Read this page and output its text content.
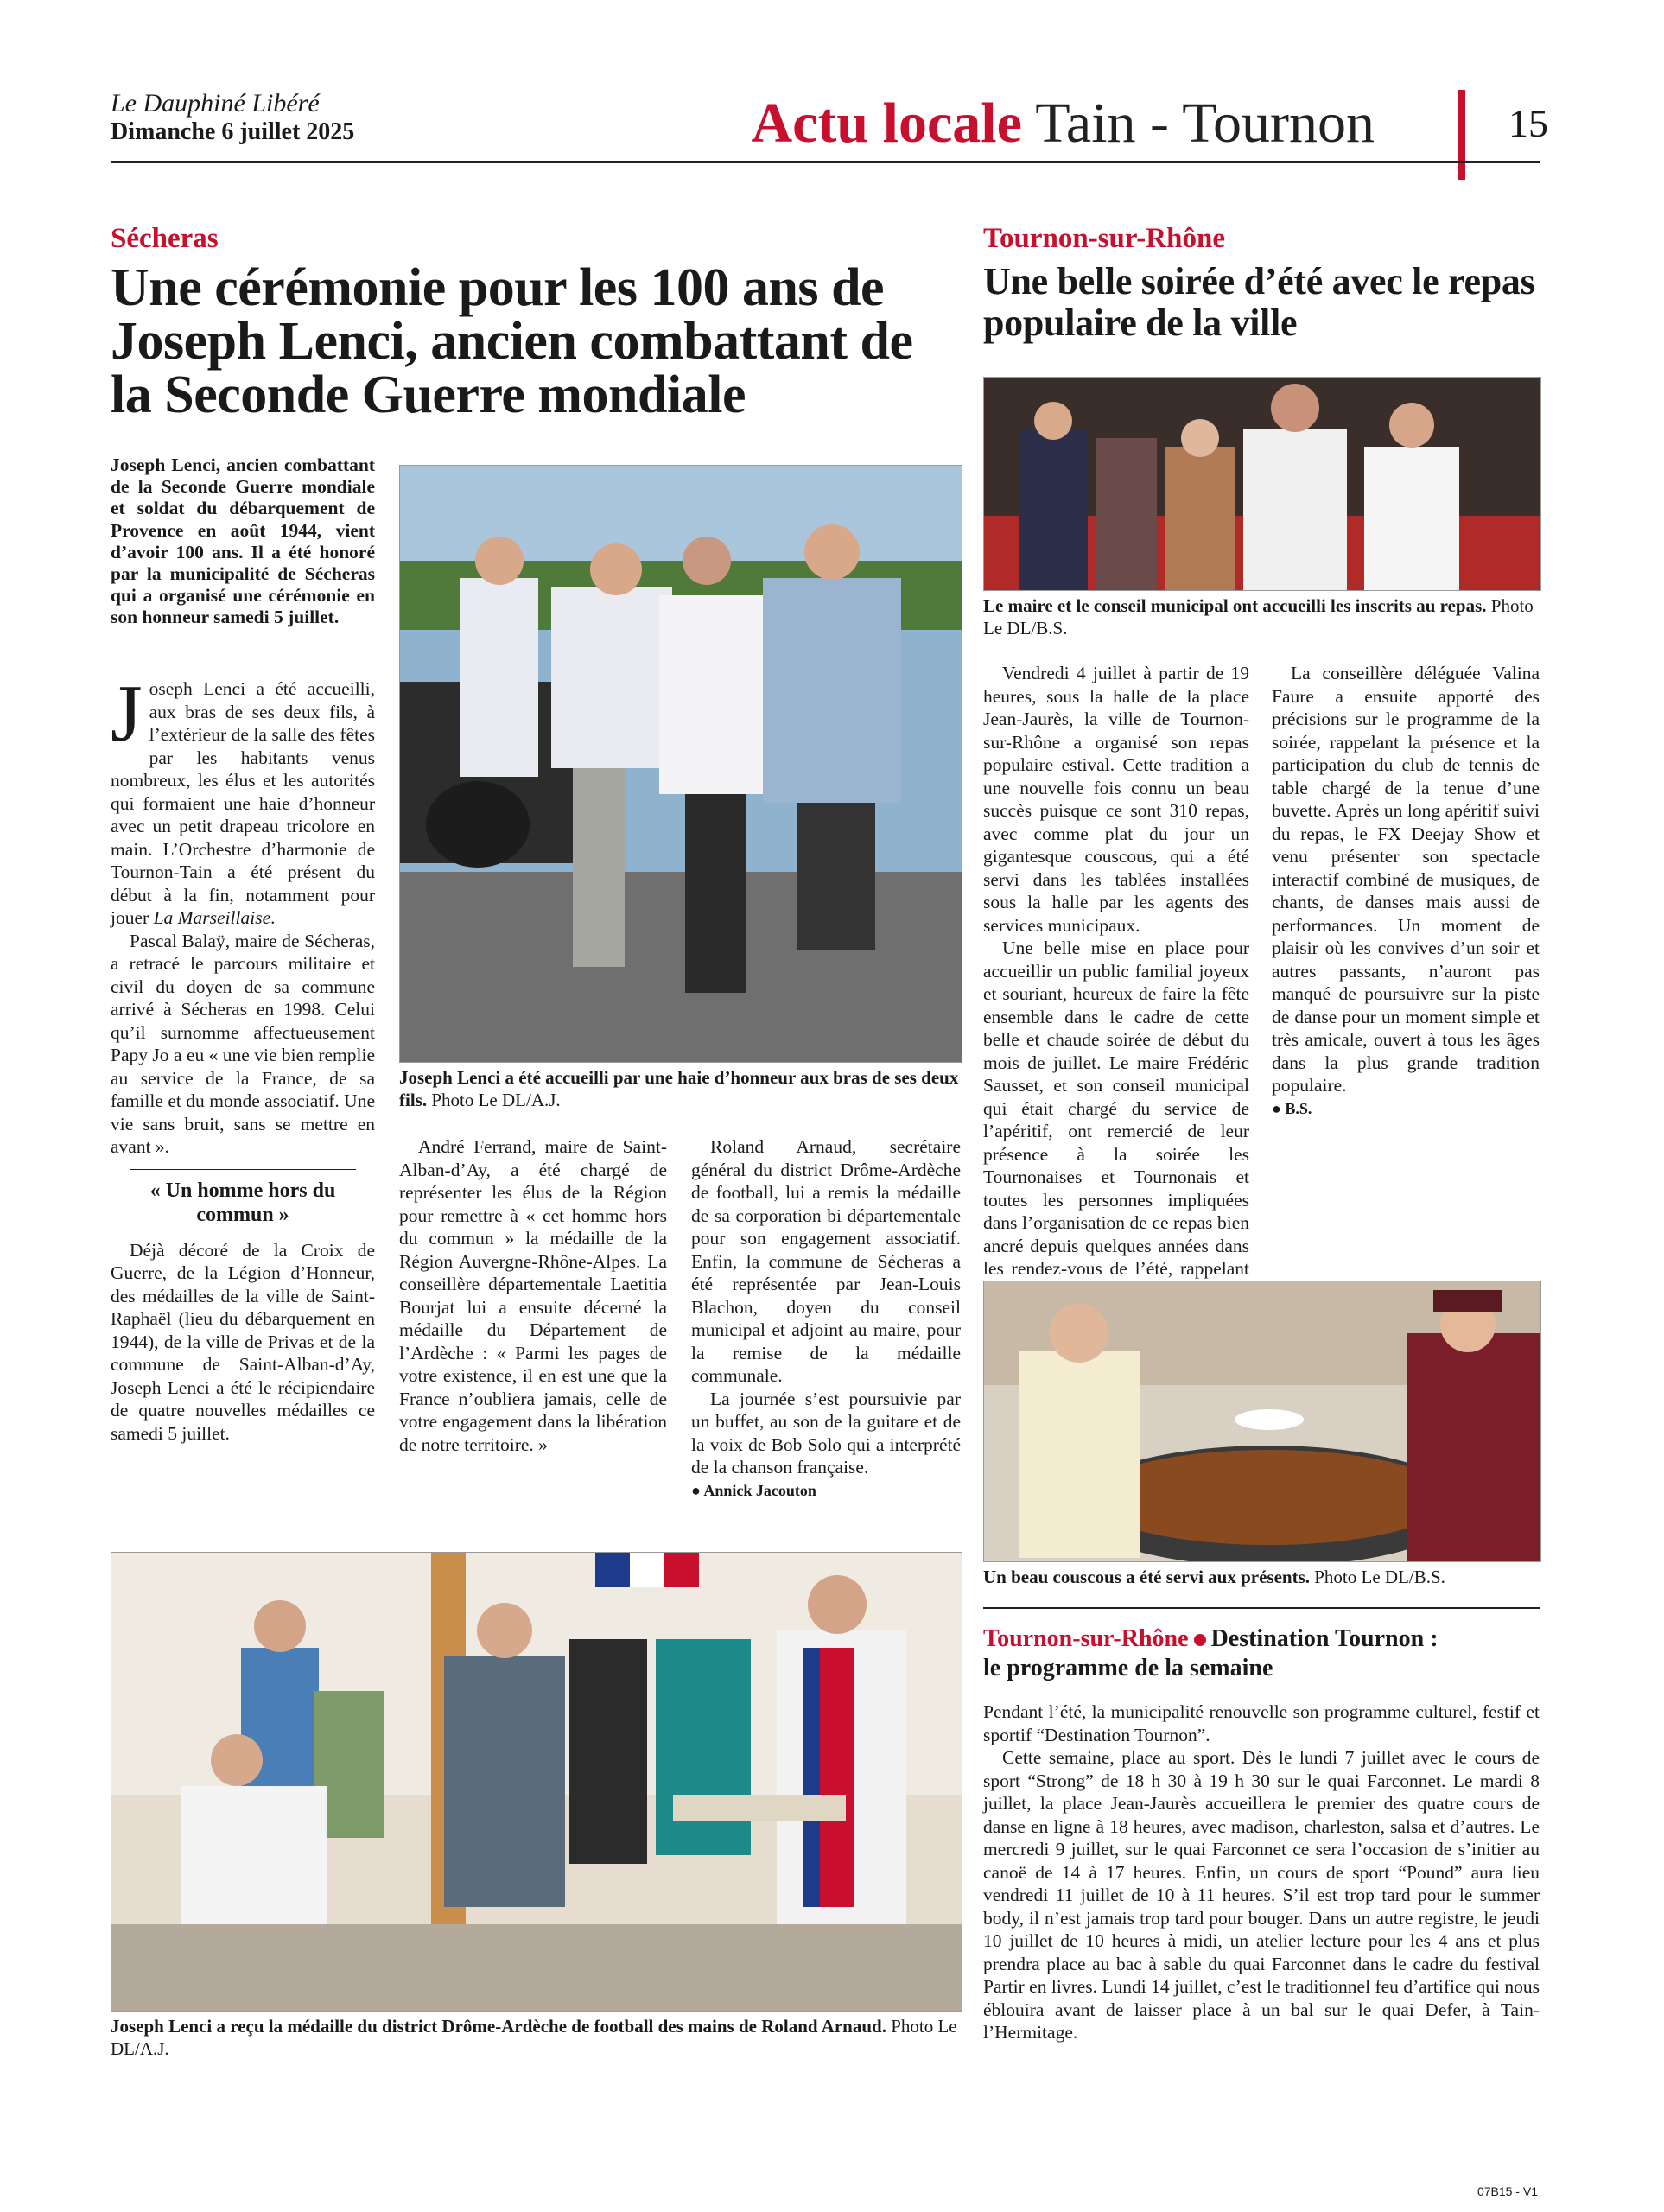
Le Dauphiné Libéré
Dimanche 6 juillet 2025	Actu locale Tain - Tournon	15
Sécheras
Une cérémonie pour les 100 ans de Joseph Lenci, ancien combattant de la Seconde Guerre mondiale
Joseph Lenci, ancien combattant de la Seconde Guerre mondiale et soldat du débarquement de Provence en août 1944, vient d’avoir 100 ans. Il a été honoré par la municipalité de Sécheras qui a organisé une cérémonie en son honneur samedi 5 juillet.

Joseph Lenci a été accueilli, aux bras de ses deux fils, à l’extérieur de la salle des fêtes par les habitants venus nombreux, les élus et les autorités qui formaient une haie d’honneur avec un petit drapeau tricolore en main. L’Orchestre d’harmonie de Tournon-Tain a été présent du début à la fin, notamment pour jouer La Marseillaise.

Pascal Balaÿ, maire de Sécheras, a retracé le parcours militaire et civil du doyen de sa commune arrivé à Sécheras en 1998. Celui qu’il surnomme affectueusement Papy Jo a eu « une vie bien remplie au service de la France, de sa famille et du monde associatif. Une vie sans bruit, sans se mettre en avant ».

« Un homme hors du commun »

Déjà décoré de la Croix de Guerre, de la Légion d’Honneur, des médailles de la ville de Saint-Raphaël (lieu du débarquement en 1944), de la ville de Privas et de la commune de Saint-Alban-d’Ay, Joseph Lenci a été le récipiendaire de quatre nouvelles médailles ce samedi 5 juillet.

Joseph Lenci a été accueilli par une haie d’honneur aux bras de ses deux fils. Photo Le DL/A.J.

André Ferrand, maire de Saint-Alban-d’Ay, a été chargé de représenter les élus de la Région pour remettre à « cet homme hors du commun » la médaille de la Région Auvergne-Rhône-Alpes. La conseillère départementale Laetitia Bourjat lui a ensuite décerné la médaille du Département de l’Ardèche : « Parmi les pages de votre existence, il en est une que la France n’oubliera jamais, celle de votre engagement dans la libération de notre territoire. »

Roland Arnaud, secrétaire général du district Drôme-Ardèche de football, lui a remis la médaille de sa corporation bi départementale pour son engagement associatif. Enfin, la commune de Sécheras a été représentée par Jean-Louis Blachon, doyen du conseil municipal et adjoint au maire, pour la remise de la médaille communale.

La journée s’est poursuivie par un buffet, au son de la guitare et de la voix de Bob Solo qui a interprété de la chanson française.

● Annick Jacouton
Joseph Lenci a reçu la médaille du district Drôme-Ardèche de football des mains de Roland Arnaud. Photo Le DL/A.J.
Tournon-sur-Rhône
Une belle soirée d’été avec le repas populaire de la ville
Le maire et le conseil municipal ont accueilli les inscrits au repas. Photo Le DL/B.S.

Vendredi 4 juillet à partir de 19 heures, sous la halle de la place Jean-Jaurès, la ville de Tournon-sur-Rhône a organisé son repas populaire estival. Cette tradition a une nouvelle fois connu un beau succès puisque ce sont 310 repas, avec comme plat du jour un gigantesque couscous, qui a été servi dans les tablées installées sous la halle par les agents des services municipaux.

Une belle mise en place pour accueillir un public familial joyeux et souriant, heureux de faire la fête ensemble dans le cadre de cette belle et chaude soirée de début du mois de juillet. Le maire Frédéric Sausset, et son conseil municipal qui était chargé du service de l’apéritif, ont remercié de leur présence à la soirée les Tournonaises et Tournonais et toutes les personnes impliquées dans l’organisation de ce repas bien ancré depuis quelques années dans les rendez-vous de l’été, rappelant

La conseillère déléguée Valina Faure a ensuite apporté des précisions sur le programme de la soirée, rappelant la présence et la participation du club de tennis de table chargé de la tenue d’une buvette. Après un long apéritif suivi du repas, le FX Deejay Show et venu présenter son spectacle interactif combiné de musiques, de chants, de danses mais aussi de performances. Un moment de plaisir où les convives d’un soir et autres passants, n’auront pas manqué de poursuivre sur la piste de danse pour un moment simple et très amicale, ouvert à tous les âges dans la plus grande tradition populaire.

● B.S.
Un beau couscous a été servi aux présents. Photo Le DL/B.S.
Tournon-sur-Rhône Destination Tournon :
le programme de la semaine

Pendant l’été, la municipalité renouvelle son programme culturel, festif et sportif “Destination Tournon”.

Cette semaine, place au sport. Dès le lundi 7 juillet avec le cours de sport “Strong” de 18 h 30 à 19 h 30 sur le quai Farconnet. Le mardi 8 juillet, la place Jean-Jaurès accueillera le premier des quatre cours de danse en ligne à 18 heures, avec madison, charleston, salsa et d’autres. Le mercredi 9 juillet, sur le quai Farconnet ce sera l’occasion de s’initier au canoë de 14 à 17 heures. Enfin, un cours de sport “Pound” aura lieu vendredi 11 juillet de 10 à 11 heures. S’il est trop tard pour le summer body, il n’est jamais trop tard pour bouger. Dans un autre registre, le jeudi 10 juillet de 10 heures à midi, un atelier lecture pour les 4 ans et plus prendra place au bac à sable du quai Farconnet dans le cadre du festival Partir en livres. Lundi 14 juillet, c’est le traditionnel feu d’artifice qui nous éblouira avant de laisser place à un bal sur le quai Defer, à Tain-l’Hermitage.

07B15 - V1
